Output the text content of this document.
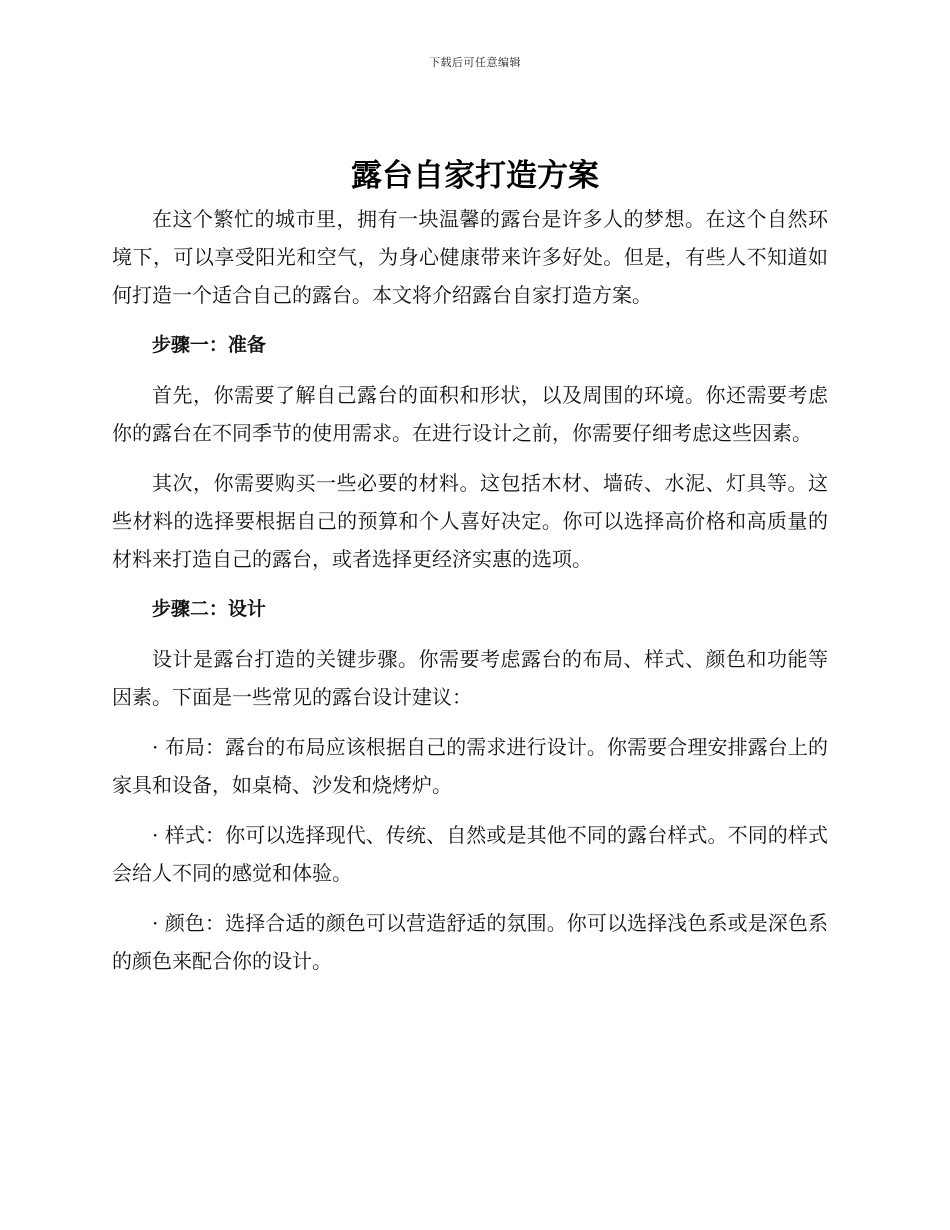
下载后可任意编辑
露台自家打造方案

在这个繁忙的城市里，拥有一块温馨的露台是许多人的梦想。在这个自然环境下，可以享受阳光和空气，为身心健康带来许多好处。但是，有些人不知道如何打造一个适合自己的露台。本文将介绍露台自家打造方案。

步骤一：准备

首先，你需要了解自己露台的面积和形状，以及周围的环境。你还需要考虑你的露台在不同季节的使用需求。在进行设计之前，你需要仔细考虑这些因素。

其次，你需要购买一些必要的材料。这包括木材、墙砖、水泥、灯具等。这些材料的选择要根据自己的预算和个人喜好决定。你可以选择高价格和高质量的材料来打造自己的露台，或者选择更经济实惠的选项。

步骤二：设计

设计是露台打造的关键步骤。你需要考虑露台的布局、样式、颜色和功能等因素。下面是一些常见的露台设计建议：

· 布局：露台的布局应该根据自己的需求进行设计。你需要合理安排露台上的家具和设备，如桌椅、沙发和烧烤炉。

· 样式：你可以选择现代、传统、自然或是其他不同的露台样式。不同的样式会给人不同的感觉和体验。

· 颜色：选择合适的颜色可以营造舒适的氛围。你可以选择浅色系或是深色系的颜色来配合你的设计。
